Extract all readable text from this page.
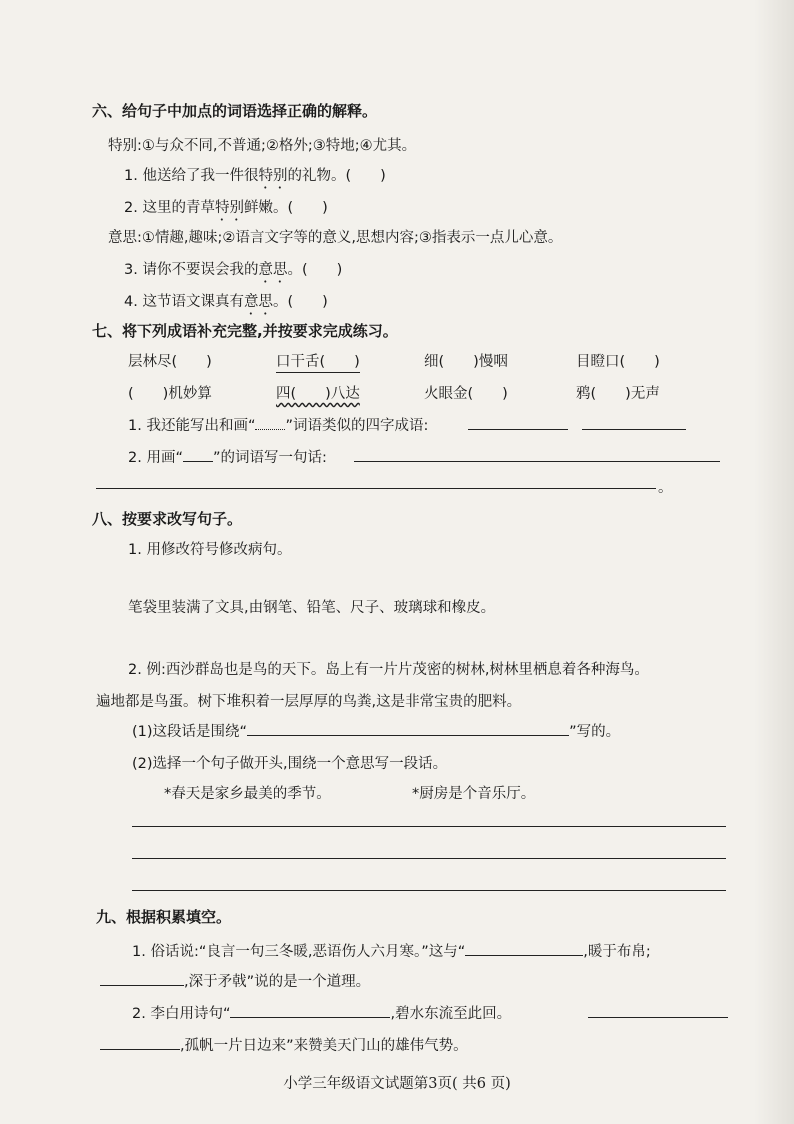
六、给句子中加点的词语选择正确的解释。
特别:①与众不同,不普通;②格外;③特地;④尤其。
1. 他送给了我一件很特别的礼物。(　　)
2. 这里的青草特别鲜嫩。(　　)
意思:①情趣,趣味;②语言文字等的意义,思想内容;③指表示一点儿心意。
3. 请你不要误会我的意思。(　　)
4. 这节语文课真有意思。(　　)
七、将下列成语补充完整,并按要求完成练习。
层林尽(　　)	口干舌(　　)	细(　　)慢咽	目瞪口(　　)
(　　)机妙算	四(　　)八达	火眼金(　　)	鸦(　　)无声
1. 我还能写出和画“ ”词语类似的四字成语:
2. 用画“ ”的词语写一句话:
。
八、按要求改写句子。
1. 用修改符号修改病句。
笔袋里装满了文具,由钢笔、铅笔、尺子、玻璃球和橡皮。
2. 例:西沙群岛也是鸟的天下。岛上有一片片茂密的树林,树林里栖息着各种海鸟。
遍地都是鸟蛋。树下堆积着一层厚厚的鸟粪,这是非常宝贵的肥料。
(1)这段话是围绕“	”写的。
(2)选择一个句子做开头,围绕一个意思写一段话。
*春天是家乡最美的季节。	*厨房是个音乐厅。
九、根据积累填空。
1. 俗话说:“良言一句三冬暖,恶语伤人六月寒。”这与“	,暖于布帛;
,深于矛戟”说的是一个道理。
2. 李白用诗句“	,碧水东流至此回。
,孤帆一片日边来”来赞美天门山的雄伟气势。
小学三年级语文试题第3页( 共6 页)
